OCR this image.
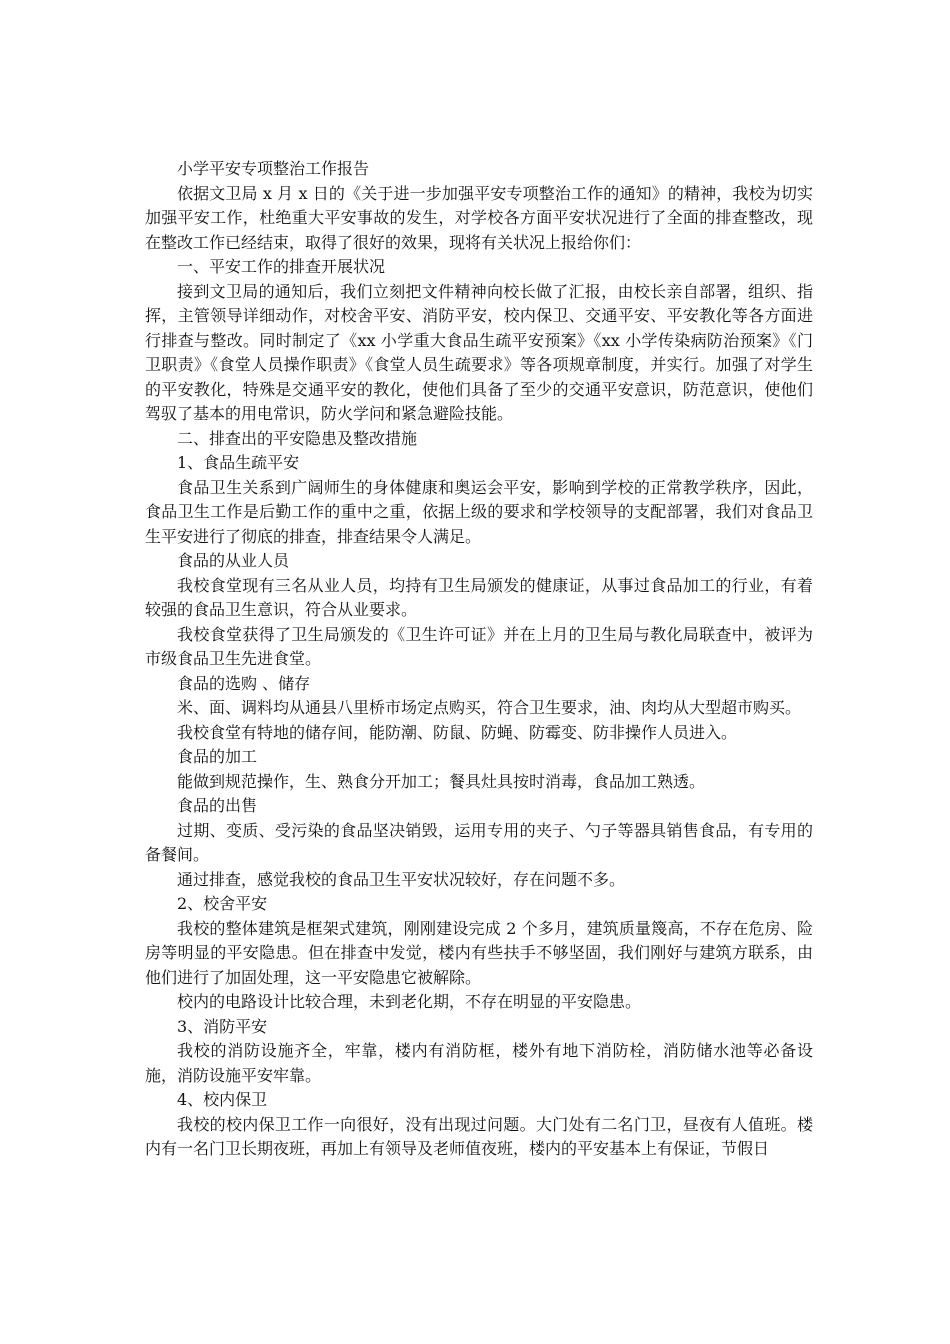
小学平安专项整治工作报告

依据文卫局 x 月 x 日的《关于进一步加强平安专项整治工作的通知》的精神，我校为切实加强平安工作，杜绝重大平安事故的发生，对学校各方面平安状况进行了全面的排查整改，现在整改工作已经结束，取得了很好的效果，现将有关状况上报给你们：

一、平安工作的排查开展状况

接到文卫局的通知后，我们立刻把文件精神向校长做了汇报，由校长亲自部署，组织、指挥，主管领导详细动作，对校舍平安、消防平安，校内保卫、交通平安、平安教化等各方面进行排查与整改。同时制定了《xx 小学重大食品生疏平安预案》《xx 小学传染病防治预案》《门卫职责》《食堂人员操作职责》《食堂人员生疏要求》等各项规章制度，并实行。加强了对学生的平安教化，特殊是交通平安的教化，使他们具备了至少的交通平安意识，防范意识，使他们驾驭了基本的用电常识，防火学问和紧急避险技能。

二、排查出的平安隐患及整改措施

1、食品生疏平安

食品卫生关系到广阔师生的身体健康和奥运会平安，影响到学校的正常教学秩序，因此，食品卫生工作是后勤工作的重中之重，依据上级的要求和学校领导的支配部署，我们对食品卫生平安进行了彻底的排查，排查结果令人满足。

食品的从业人员

我校食堂现有三名从业人员，均持有卫生局颁发的健康证，从事过食品加工的行业，有着较强的食品卫生意识，符合从业要求。

我校食堂获得了卫生局颁发的《卫生许可证》并在上月的卫生局与教化局联查中，被评为市级食品卫生先进食堂。

食品的选购 、储存

米、面、调料均从通县八里桥市场定点购买，符合卫生要求，油、肉均从大型超市购买。

我校食堂有特地的储存间，能防潮、防鼠、防蝇、防霉变、防非操作人员进入。

食品的加工

能做到规范操作，生、熟食分开加工；餐具灶具按时消毒，食品加工熟透。

食品的出售

过期、变质、受污染的食品坚决销毁，运用专用的夹子、勺子等器具销售食品，有专用的备餐间。

通过排查，感觉我校的食品卫生平安状况较好，存在问题不多。

2、校舍平安

我校的整体建筑是框架式建筑，刚刚建设完成 2 个多月，建筑质量篾高，不存在危房、险房等明显的平安隐患。但在排查中发觉，楼内有些扶手不够坚固，我们刚好与建筑方联系，由他们进行了加固处理，这一平安隐患它被解除。

校内的电路设计比较合理，未到老化期，不存在明显的平安隐患。

3、消防平安

我校的消防设施齐全，牢靠，楼内有消防框，楼外有地下消防栓，消防储水池等必备设施，消防设施平安牢靠。

4、校内保卫

我校的校内保卫工作一向很好，没有出现过问题。大门处有二名门卫，昼夜有人值班。楼内有一名门卫长期夜班，再加上有领导及老师值夜班，楼内的平安基本上有保证，节假日
